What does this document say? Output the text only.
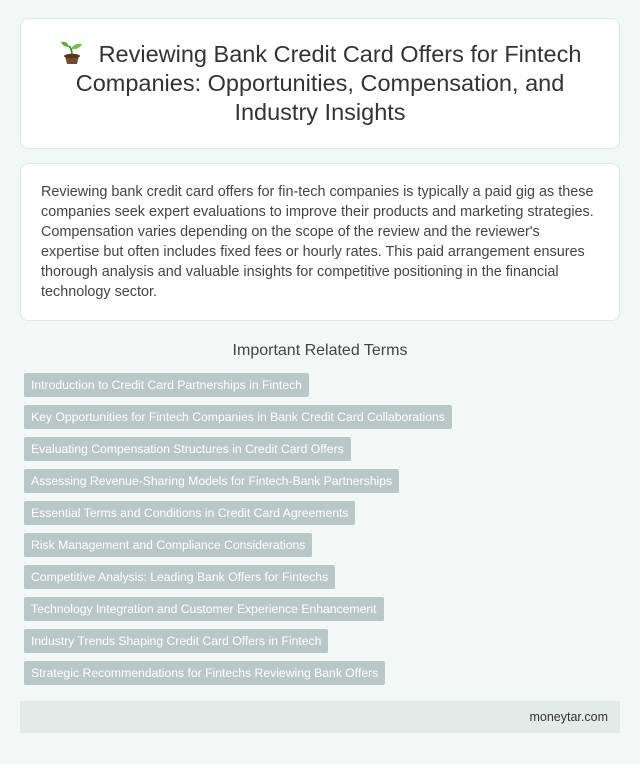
Reviewing Bank Credit Card Offers for Fintech Companies: Opportunities, Compensation, and Industry Insights

Reviewing bank credit card offers for fin-tech companies is typically a paid gig as these companies seek expert evaluations to improve their products and marketing strategies. Compensation varies depending on the scope of the review and the reviewer's expertise but often includes fixed fees or hourly rates. This paid arrangement ensures thorough analysis and valuable insights for competitive positioning in the financial technology sector.

Important Related Terms
Introduction to Credit Card Partnerships in Fintech
Key Opportunities for Fintech Companies in Bank Credit Card Collaborations
Evaluating Compensation Structures in Credit Card Offers
Assessing Revenue-Sharing Models for Fintech-Bank Partnerships
Essential Terms and Conditions in Credit Card Agreements
Risk Management and Compliance Considerations
Competitive Analysis: Leading Bank Offers for Fintechs
Technology Integration and Customer Experience Enhancement
Industry Trends Shaping Credit Card Offers in Fintech
Strategic Recommendations for Fintechs Reviewing Bank Offers
moneytar.com
